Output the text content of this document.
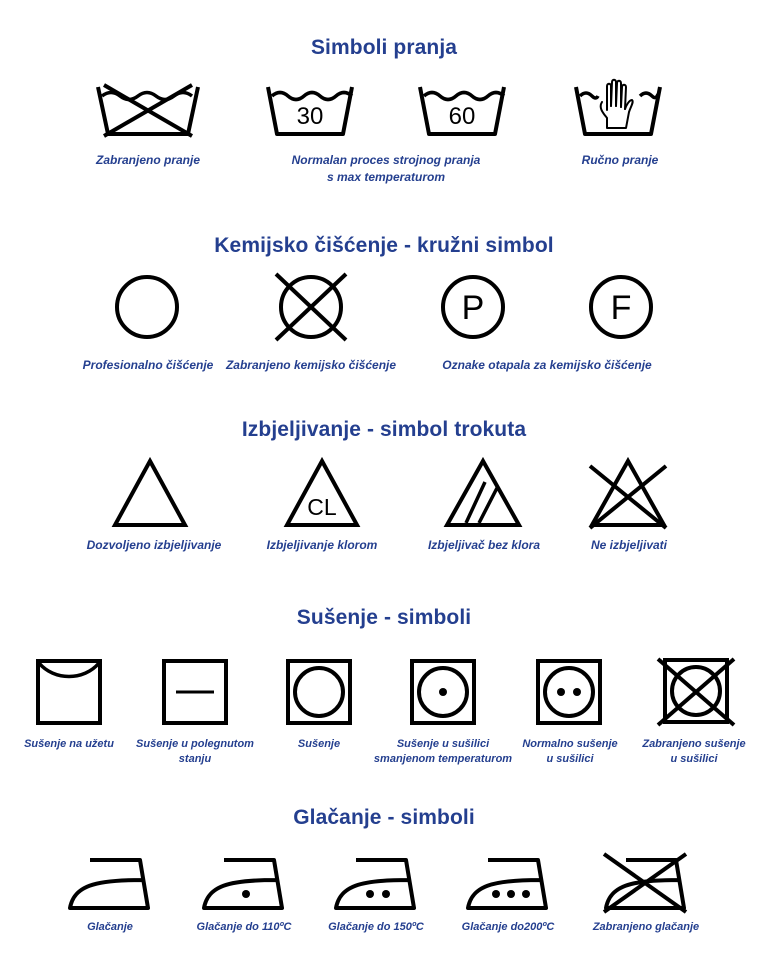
Simboli pranja
Zabranjeno pranje
30	60
Normalan proces strojnog pranja
s max temperaturom
Ručno pranje
Kemijsko čišćenje - kružni simbol
Profesionalno čišćenje	Zabranjeno kemijsko čišćenje
P	F
Oznake otapala za kemijsko čišćenje
Izbjeljivanje - simbol trokuta
Dozvoljeno izbjeljivanje
CL
Izbjeljivanje klorom	Izbjeljivač bez klora	Ne izbjeljivati
Sušenje - simboli
Sušenje na užetu	Sušenje u polegnutom
stanju
Sušenje	Sušenje u sušilici
smanjenom temperaturom
Normalno sušenje
u sušilici
Zabranjeno sušenje
u sušilici
Glačanje - simboli
Glačanje	Glačanje do 110ºC	Glačanje do 150ºC	Glačanje do200ºC	Zabranjeno glačanje
